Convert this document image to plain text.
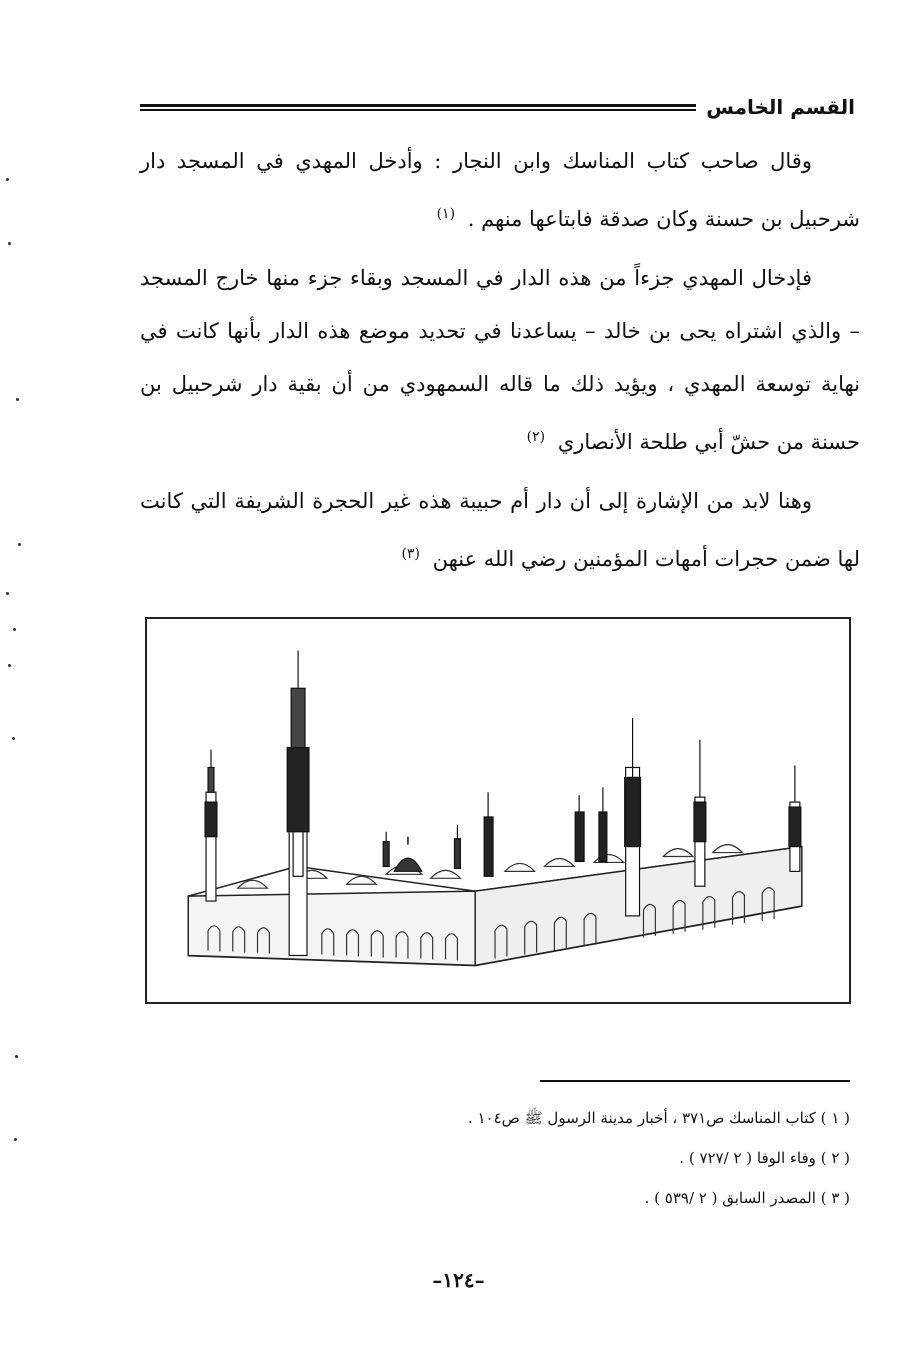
القسم الخامس

وقال صاحب كتاب المناسك وابن النجار : وأدخل المهدي في المسجد دار شرحبيل بن حسنة وكان صدقة فابتاعها منهم . $^{(١)}$

فإدخال المهدي جزءاً من هذه الدار في المسجد وبقاء جزء منها خارج المسجد – والذي اشتراه يحى بن خالد – يساعدنا في تحديد موضع هذه الدار بأنها كانت في نهاية توسعة المهدي ، ويؤيد ذلك ما قاله السمهودي من أن بقية دار شرحبيل بن حسنة من حشّ أبي طلحة الأنصاري $^{(٢)}$

وهنا لابد من الإشارة إلى أن دار أم حبيبة هذه غير الحجرة الشريفة التي كانت لها ضمن حجرات أمهات المؤمنين رضي الله عنهن $^{(٣)}$

( ١ ) كتاب المناسك ص٣٧١ ، أخبار مدينة الرسول ﷺ ص١٠٤ .
( ٢ ) وفاء الوفا ( ٢ /٧٢٧ ) .
( ٣ ) المصدر السابق ( ٢ /٥٣٩ ) .
–١٢٤–
